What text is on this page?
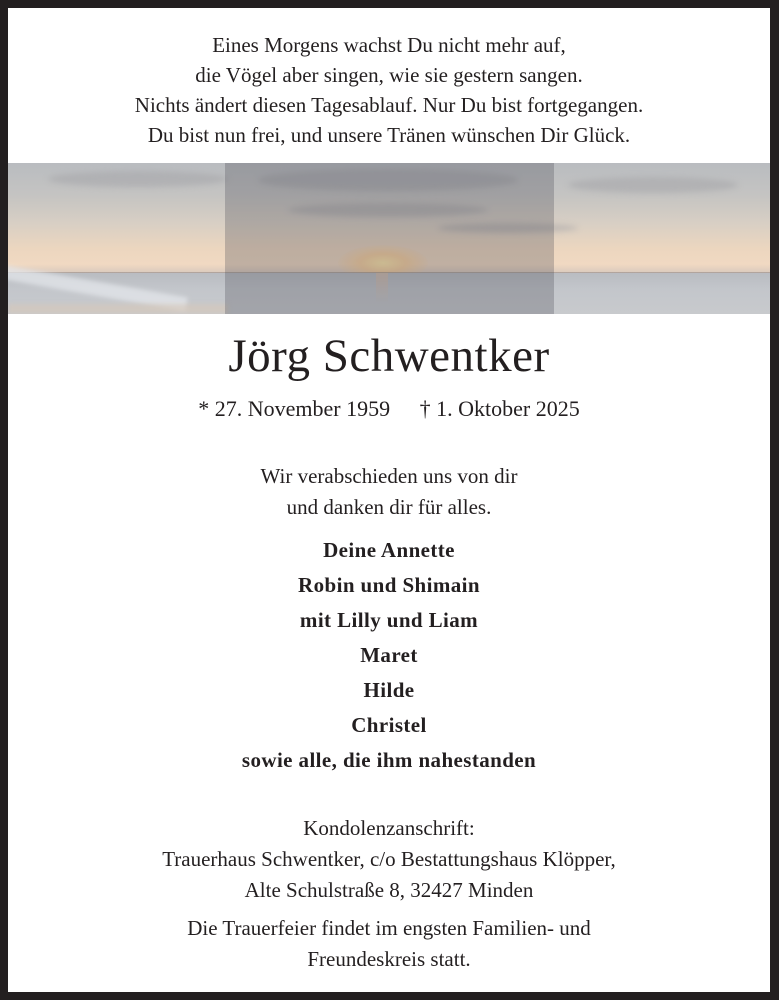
Eines Morgens wachst Du nicht mehr auf,
die Vögel aber singen, wie sie gestern sangen.
Nichts ändert diesen Tagesablauf. Nur Du bist fortgegangen.
Du bist nun frei, und unsere Tränen wünschen Dir Glück.
Jörg Schwentker
* 27. November 1959 † 1. Oktober 2025
Wir verabschieden uns von dir
und danken dir für alles.
Deine Annette
Robin und Shimain
mit Lilly und Liam
Maret
Hilde
Christel
sowie alle, die ihm nahestanden
Kondolenzanschrift:
Trauerhaus Schwentker, c/o Bestattungshaus Klöpper,
Alte Schulstraße 8, 32427 Minden
Die Trauerfeier findet im engsten Familien- und
Freundeskreis statt.
